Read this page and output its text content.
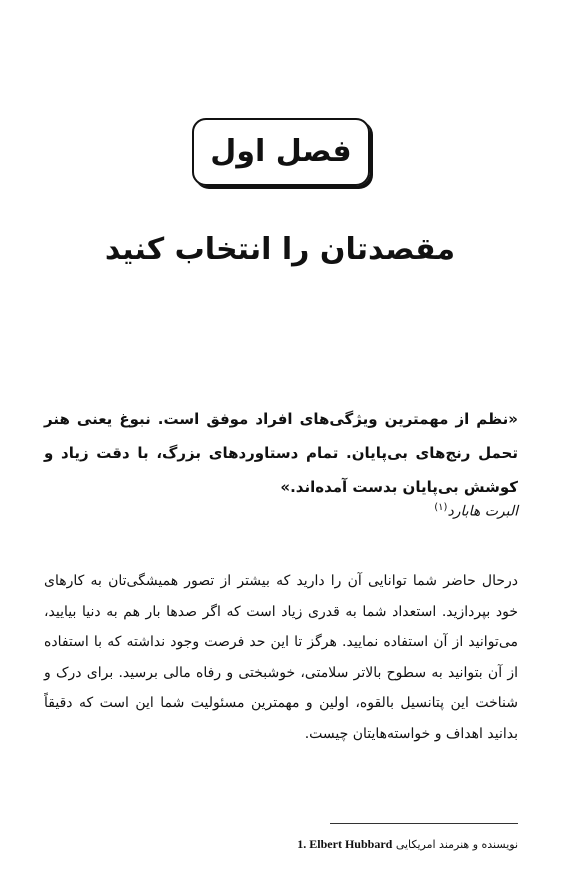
فصل اول
مقصدتان را انتخاب کنید
«نظم از مهمترین ویژگی‌های افراد موفق است. نبوغ یعنی هنر تحمل رنج‌های بی‌پایان. تمام دستاوردهای بزرگ، با دقت زیاد و کوشش بی‌پایان بدست آمده‌اند.»
البرت هابارد$^{(۱)}$
درحال حاضر شما توانایی آن را دارید که بیشتر از تصور همیشگی‌تان به کارهای خود بپردازید. استعداد شما به قدری زیاد است که اگر صدها بار هم به دنیا بیایید، می‌توانید از آن استفاده نمایید. هرگز تا این حد فرصت وجود نداشته که با استفاده از آن بتوانید به سطوح بالاتر سلامتی، خوشبختی و رفاه مالی برسید. برای درک و شناخت این پتانسیل بالقوه، اولین و مهمترین مسئولیت شما این است که دقیقاً بدانید اهداف و خواسته‌هایتان چیست.
نویسنده و هنرمند امریکایی 1. Elbert Hubbard
